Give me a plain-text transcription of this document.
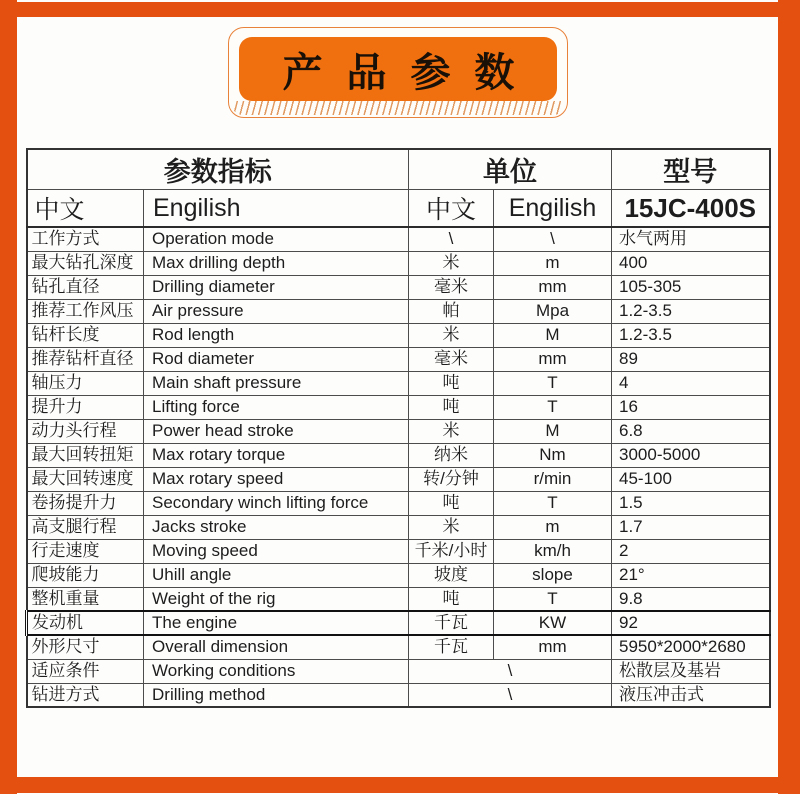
产 品 参 数
参数指标		单位		型号
中文	Engilish	中文	Engilish	15JC-400S
工作方式	Operation mode	\	\	水气两用
最大钻孔深度	Max drilling depth	米	m	400
钻孔直径	Drilling diameter	毫米	mm	105-305
推荐工作风压	Air pressure	帕	Mpa	1.2-3.5
钻杆长度	Rod length	米	M	1.2-3.5
推荐钻杆直径	Rod diameter	毫米	mm	89
轴压力	Main shaft pressure	吨	T	4
提升力	Lifting force	吨	T	16
动力头行程	Power head stroke	米	M	6.8
最大回转扭矩	Max rotary torque	纳米	Nm	3000-5000
最大回转速度	Max rotary speed	转/分钟	r/min	45-100
卷扬提升力	Secondary winch lifting force	吨	T	1.5
高支腿行程	Jacks stroke	米	m	1.7
行走速度	Moving speed	千米/小时	km/h	2
爬坡能力	Uhill angle	坡度	slope	21°
整机重量	Weight of the rig	吨	T	9.8
发动机	The engine	千瓦	KW	92
外形尺寸	Overall dimension	千瓦	mm	5950*2000*2680
适应条件	Working conditions	\		松散层及基岩
钻进方式	Drilling method	\		液压冲击式
